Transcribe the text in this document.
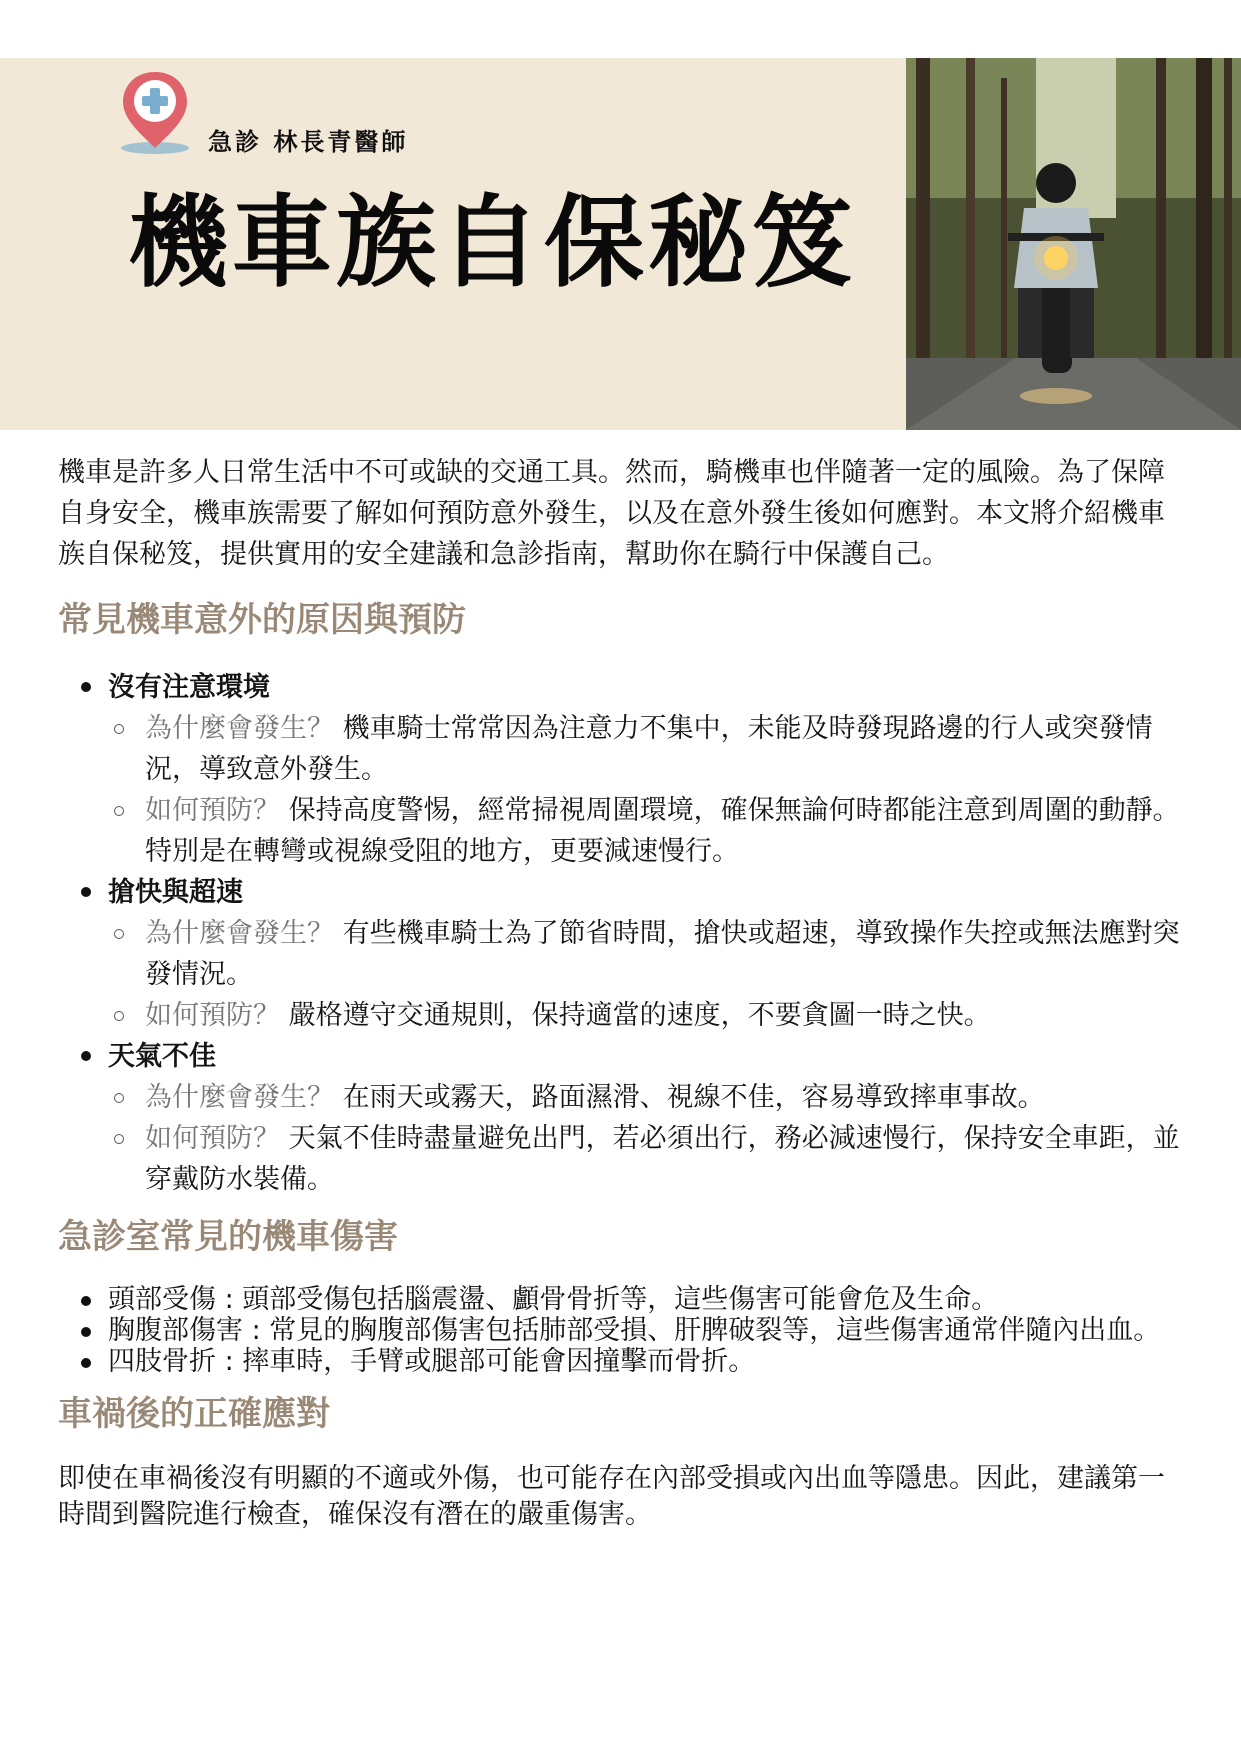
急診 林長青醫師
機車族自保秘笈

機車是許多人日常生活中不可或缺的交通工具。然而，騎機車也伴隨著一定的風險。為了保障自身安全，機車族需要了解如何預防意外發生，以及在意外發生後如何應對。本文將介紹機車族自保秘笈，提供實用的安全建議和急診指南，幫助你在騎行中保護自己。

常見機車意外的原因與預防
沒有注意環境
為什麼會發生？ 機車騎士常常因為注意力不集中，未能及時發現路邊的行人或突發情況，導致意外發生。
如何預防？ 保持高度警惕，經常掃視周圍環境，確保無論何時都能注意到周圍的動靜。特別是在轉彎或視線受阻的地方，更要減速慢行。
搶快與超速
為什麼會發生？ 有些機車騎士為了節省時間，搶快或超速，導致操作失控或無法應對突發情況。
如何預防？ 嚴格遵守交通規則，保持適當的速度，不要貪圖一時之快。
天氣不佳
為什麼會發生？ 在雨天或霧天，路面濕滑、視線不佳，容易導致摔車事故。
如何預防？ 天氣不佳時盡量避免出門，若必須出行，務必減速慢行，保持安全車距，並穿戴防水裝備。
急診室常見的機車傷害
頭部受傷 : 頭部受傷包括腦震盪、顱骨骨折等，這些傷害可能會危及生命。
胸腹部傷害 : 常見的胸腹部傷害包括肺部受損、肝脾破裂等，這些傷害通常伴隨內出血。
四肢骨折 : 摔車時，手臂或腿部可能會因撞擊而骨折。
車禍後的正確應對

即使在車禍後沒有明顯的不適或外傷，也可能存在內部受損或內出血等隱患。因此，建議第一時間到醫院進行檢查，確保沒有潛在的嚴重傷害。
